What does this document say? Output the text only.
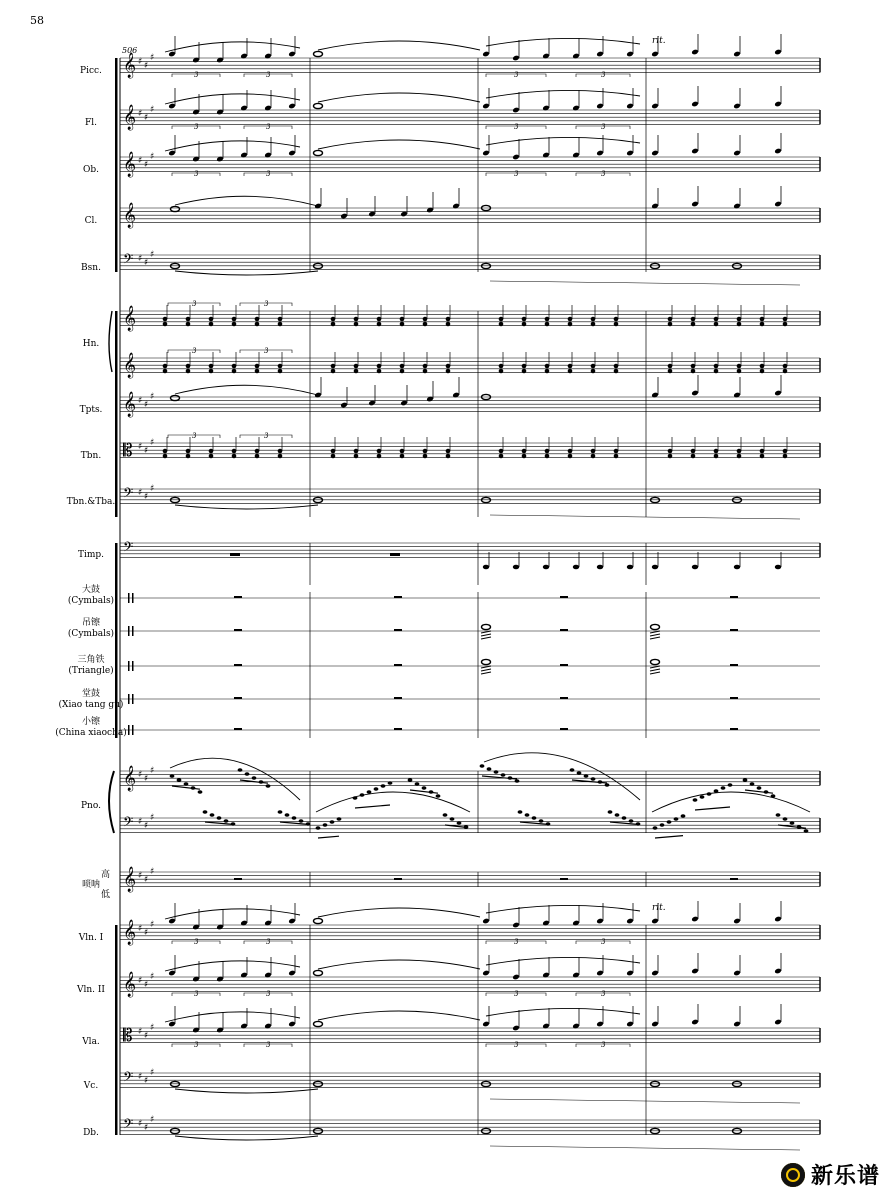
𝄞 ♯ ♯
♯
𝄞 ♯ ♯
♯
𝄞 ♯ ♯
♯
𝄞
𝄢 ♯ ♯
♯
𝄞
𝄞
𝄞 ♯ ♯
♯
𝄡 ♯ ♯
♯
𝄢 ♯ ♯
♯
𝄢
𝄞 ♯ ♯
♯
𝄢 ♯ ♯
♯
𝄞 ♯ ♯
♯
𝄞 ♯ ♯
♯
𝄞 ♯ ♯
♯
𝄡 ♯ ♯
♯
𝄢 ♯ ♯
♯
𝄢 ♯ ♯
♯
506
rit.
rit.
3	3	3	3
3	3	3	3
3	3	3	3
3	3	3	3
3	3	3	3
3	3	3	3
3	3
3	3
3	3
58
Picc.
Fl.
Ob.
Cl.
Bsn.
Hn.
Tpts.
Tbn.
Tbn.&Tba.
Timp.
大鼓
(Cymbals)
吊镲
(Cymbals)
三角铁
(Triangle)
堂鼓
(Xiao tang gu)
小镲
(China xiaocha)
Pno.
高
唢呐
低
Vln. I
Vln. II
Vla.
Vc.
Db.
新乐谱
